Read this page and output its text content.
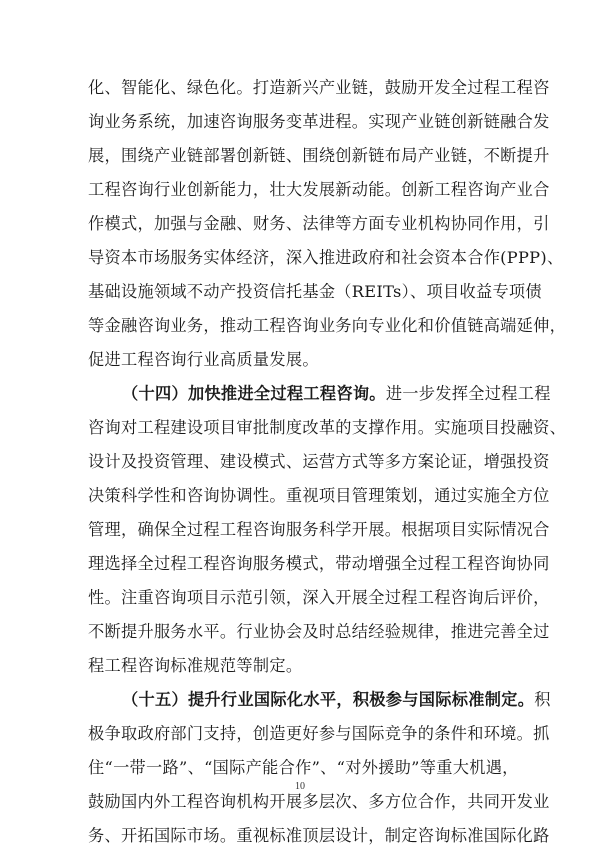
化、智能化、绿色化。打造新兴产业链，鼓励开发全过程工程咨
询业务系统，加速咨询服务变革进程。实现产业链创新链融合发
展，围绕产业链部署创新链、围绕创新链布局产业链，不断提升
工程咨询行业创新能力，壮大发展新动能。创新工程咨询产业合
作模式，加强与金融、财务、法律等方面专业机构协同作用，引
导资本市场服务实体经济，深入推进政府和社会资本合作(PPP)、
基础设施领域不动产投资信托基金（REITs）、项目收益专项债
等金融咨询业务，推动工程咨询业务向专业化和价值链高端延伸，
促进工程咨询行业高质量发展。
（十四）加快推进全过程工程咨询。进一步发挥全过程工程
咨询对工程建设项目审批制度改革的支撑作用。实施项目投融资、
设计及投资管理、建设模式、运营方式等多方案论证，增强投资
决策科学性和咨询协调性。重视项目管理策划，通过实施全方位
管理，确保全过程工程咨询服务科学开展。根据项目实际情况合
理选择全过程工程咨询服务模式，带动增强全过程工程咨询协同
性。注重咨询项目示范引领，深入开展全过程工程咨询后评价，
不断提升服务水平。行业协会及时总结经验规律，推进完善全过
程工程咨询标准规范等制定。
（十五）提升行业国际化水平，积极参与国际标准制定。积
极争取政府部门支持，创造更好参与国际竞争的条件和环境。抓
住“一带一路”、“国际产能合作”、“对外援助”等重大机遇，
鼓励国内外工程咨询机构开展多层次、多方位合作，共同开发业
务、开拓国际市场。重视标准顶层设计，制定咨询标准国际化路
10
